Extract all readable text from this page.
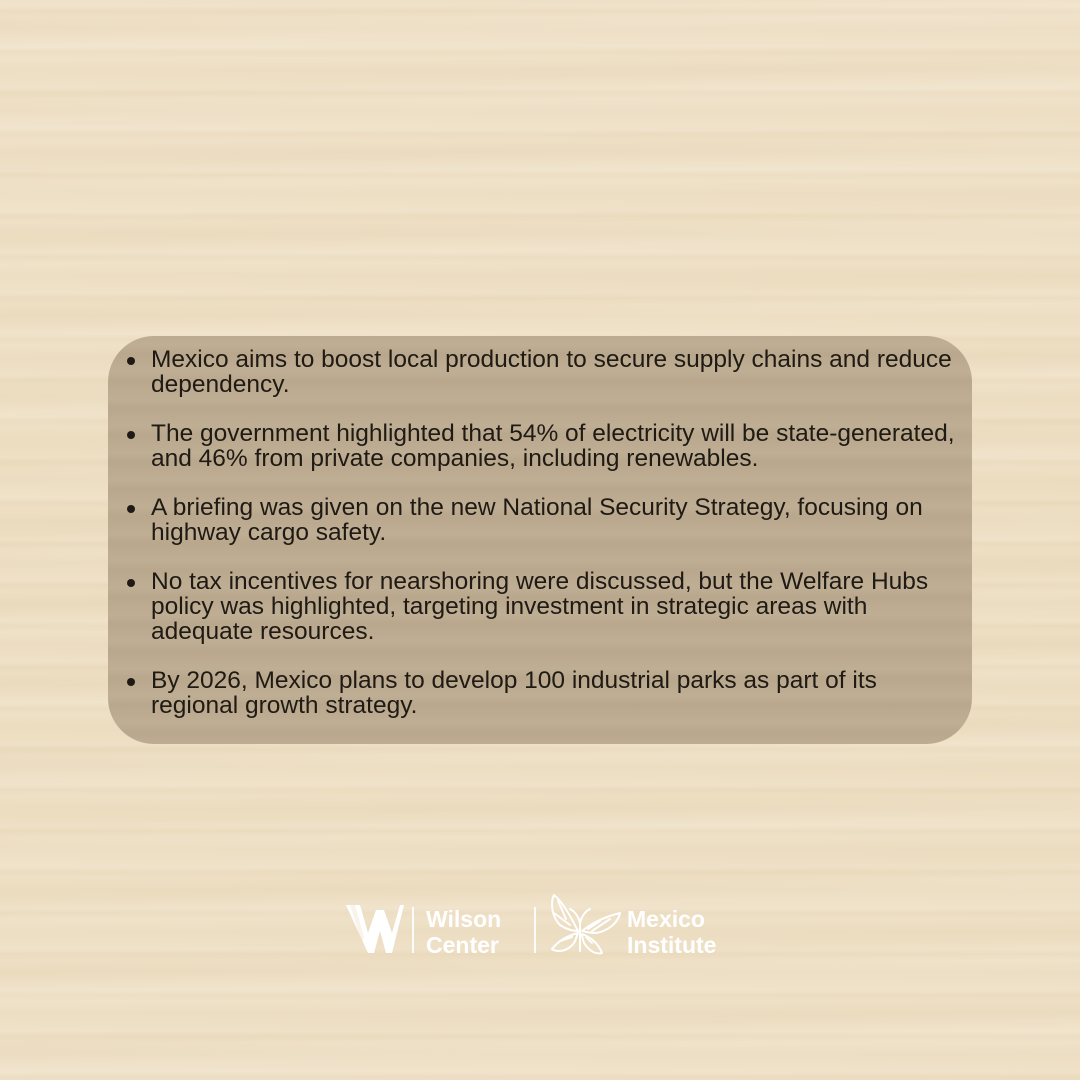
Mexico aims to boost local production to secure supply chains and reduce dependency.
The government highlighted that 54% of electricity will be state-generated, and 46% from private companies, including renewables.
A briefing was given on the new National Security Strategy, focusing on highway cargo safety.
No tax incentives for nearshoring were discussed, but the Welfare Hubs policy was highlighted, targeting investment in strategic areas with adequate resources.
By 2026, Mexico plans to develop 100 industrial parks as part of its regional growth strategy.
Wilson
Center
Mexico
Institute
